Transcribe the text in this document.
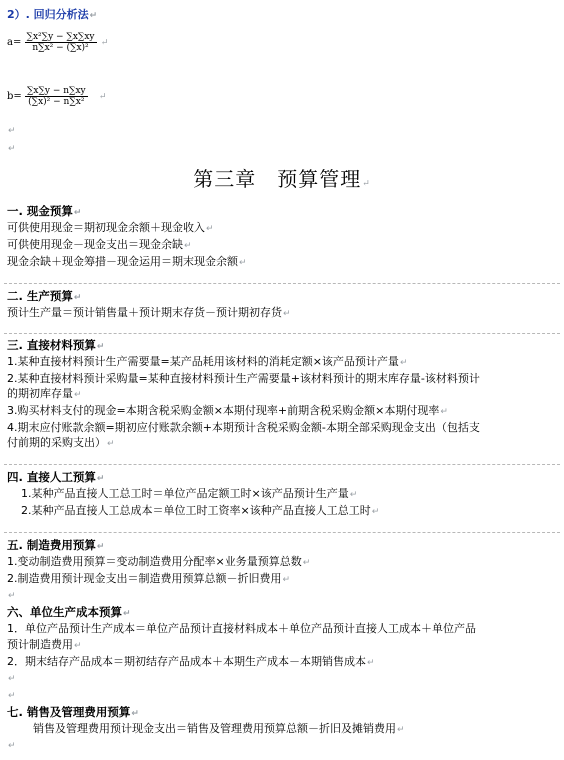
2）. 回归分析法↵
$a= \frac{\text{∑x²∑y − ∑x∑xy}}{\text{n∑x² − (∑x)²}}$ ↵
$b= \frac{\sum x\sum y - n\sum xy}{\text{(∑x)² − n∑x²}}$ ↵
↵
↵
第三章　预算管理↵
一. 现金预算↵
可供使用现金＝期初现金余额＋现金收入↵
可供使用现金－现金支出＝现金余缺↵
现金余缺＋现金筹措－现金运用＝期末现金余额↵
二. 生产预算↵
预计生产量＝预计销售量＋预计期末存货－预计期初存货↵
三. 直接材料预算↵
1.某种直接材料预计生产需要量=某产品耗用该材料的消耗定额×该产品预计产量↵
2.某种直接材料预计采购量=某种直接材料预计生产需要量+该材料预计的期末库存量-该材料预计
的期初库存量↵
3.购买材料支付的现金=本期含税采购金额×本期付现率+前期含税采购金额×本期付现率↵
4.期末应付账款余额=期初应付账款余额+本期预计含税采购金额-本期全部采购现金支出（包括支
付前期的采购支出）↵
四. 直接人工预算↵
1.某种产品直接人工总工时＝单位产品定额工时×该产品预计生产量↵
2.某种产品直接人工总成本＝单位工时工资率×该种产品直接人工总工时↵
五. 制造费用预算↵
1.变动制造费用预算＝变动制造费用分配率×业务量预算总数↵
2.制造费用预计现金支出＝制造费用预算总额－折旧费用↵
↵
六、单位生产成本预算↵
1．单位产品预计生产成本＝单位产品预计直接材料成本＋单位产品预计直接人工成本＋单位产品
预计制造费用↵
2．期末结存产品成本＝期初结存产品成本＋本期生产成本－本期销售成本↵
↵
↵
七. 销售及管理费用预算↵
销售及管理费用预计现金支出＝销售及管理费用预算总额－折旧及摊销费用↵
↵
